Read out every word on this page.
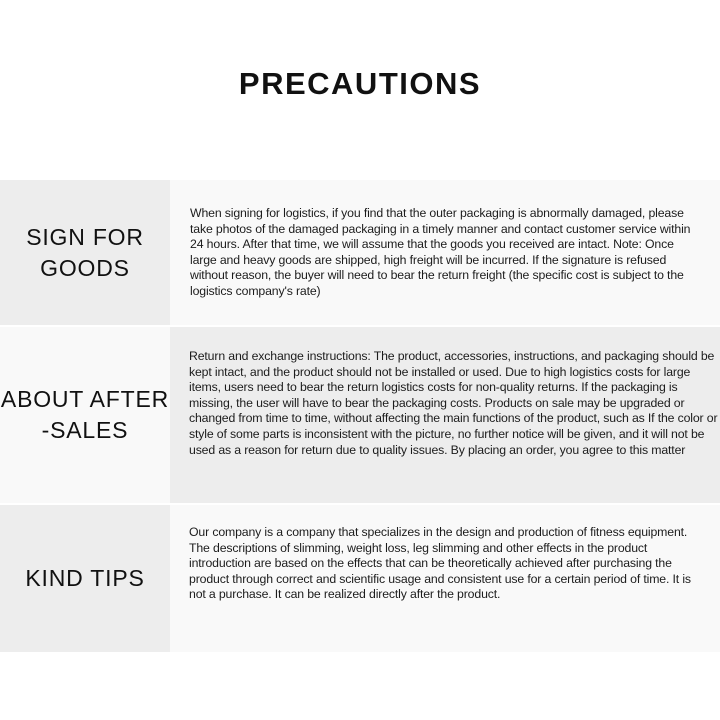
PRECAUTIONS
SIGN FOR
GOODS
When signing for logistics, if you find that the outer packaging is abnormally damaged, please take photos of the damaged packaging in a timely manner and contact customer service within 24 hours. After that time, we will assume that the goods you received are intact. Note: Once large and heavy goods are shipped, high freight will be incurred. If the signature is refused without reason, the buyer will need to bear the return freight (the specific cost is subject to the logistics company's rate)
ABOUT AFTER
-SALES
Return and exchange instructions: The product, accessories, instructions, and packaging should be kept intact, and the product should not be installed or used. Due to high logistics costs for large items, users need to bear the return logistics costs for non-quality returns. If the packaging is missing, the user will have to bear the packaging costs. Products on sale may be upgraded or changed from time to time, without affecting the main functions of the product, such as If the color or style of some parts is inconsistent with the picture, no further notice will be given, and it will not be used as a reason for return due to quality issues. By placing an order, you agree to this matter
KIND TIPS
Our company is a company that specializes in the design and production of fitness equipment. The descriptions of slimming, weight loss, leg slimming and other effects in the product introduction are based on the effects that can be theoretically achieved after purchasing the product through correct and scientific usage and consistent use for a certain period of time. It is not a purchase. It can be realized directly after the product.
